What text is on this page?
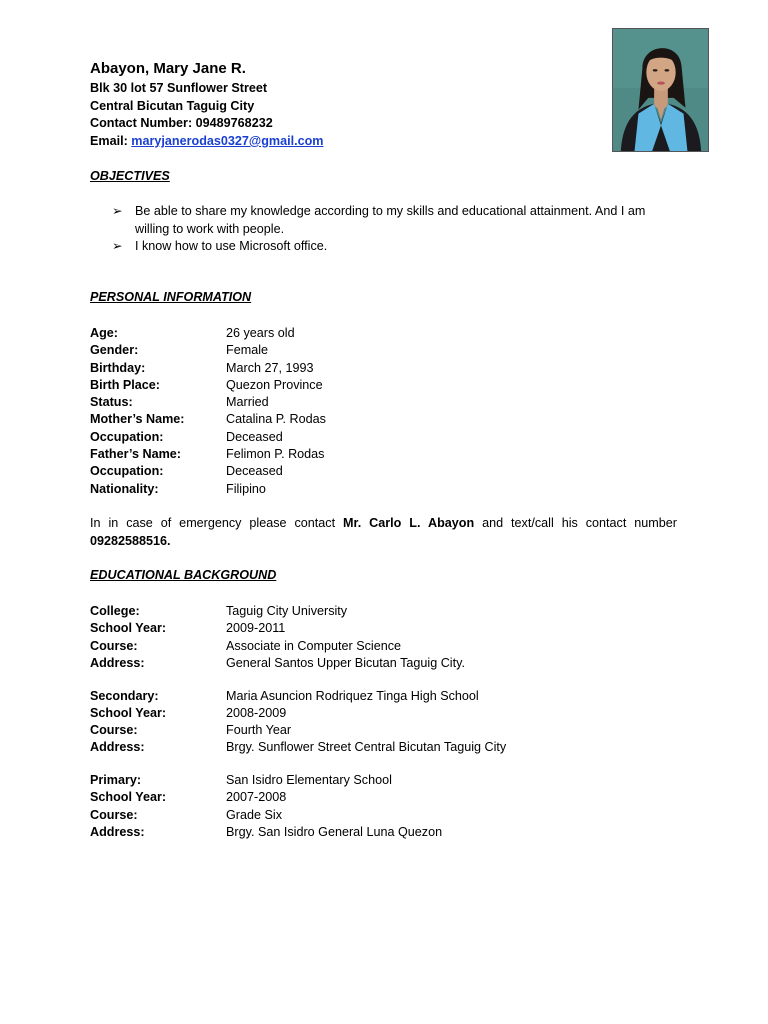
Abayon, Mary Jane R.
Blk 30 lot 57 Sunflower Street
Central Bicutan Taguig City
Contact Number: 09489768232
Email: maryjanerodas0327@gmail.com
OBJECTIVES
➢ Be able to share my knowledge according to my skills and educational attainment. And I am willing to work with people.
➢ I know how to use Microsoft office.
PERSONAL INFORMATION
Age:	26 years old
Gender:	Female
Birthday:	March 27, 1993
Birth Place:	Quezon Province
Status:	Married
Mother’s Name:	Catalina P. Rodas
Occupation:	Deceased
Father’s Name:	Felimon P. Rodas
Occupation:	Deceased
Nationality:	Filipino
In in case of emergency please contact Mr. Carlo L. Abayon and text/call his contact number 09282588516.
EDUCATIONAL BACKGROUND
College:	Taguig City University
School Year:	2009-2011
Course:	Associate in Computer Science
Address:	General Santos Upper Bicutan Taguig City.
Secondary:	Maria Asuncion Rodriquez Tinga High School
School Year:	2008-2009
Course:	Fourth Year
Address:	Brgy. Sunflower Street Central Bicutan Taguig City
Primary:	San Isidro Elementary School
School Year:	2007-2008
Course:	Grade Six
Address:	Brgy. San Isidro General Luna Quezon
